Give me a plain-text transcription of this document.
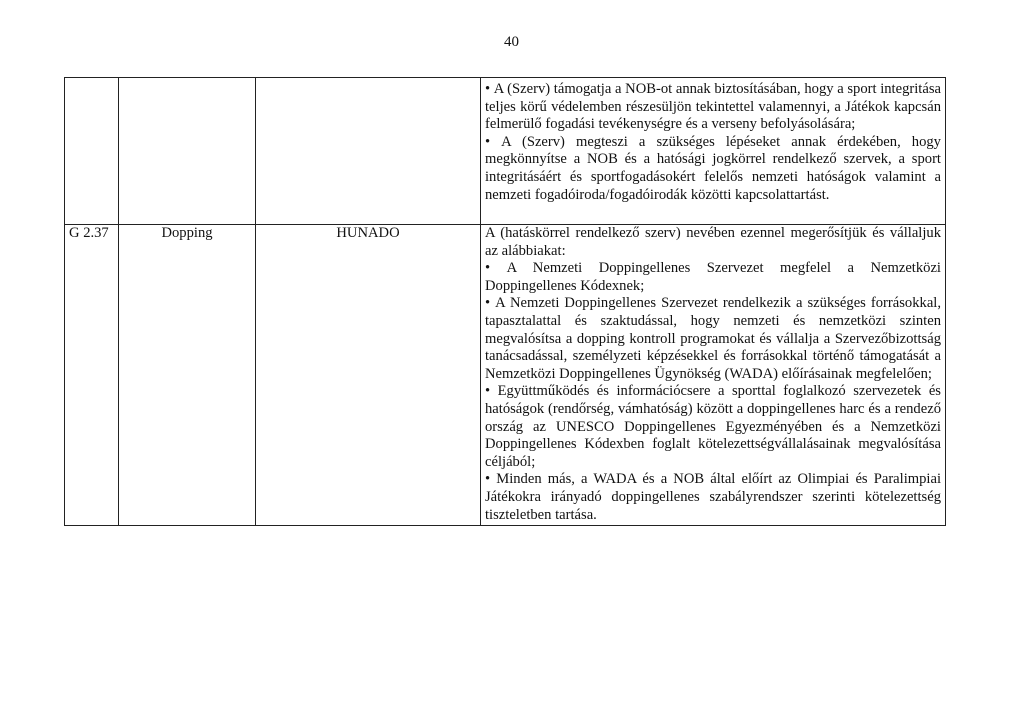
40

			• A (Szerv) támogatja a NOB-ot annak biztosításában, hogy a sport integritása teljes körű védelemben részesüljön tekintettel valamennyi, a Játékok kapcsán felmerülő fogadási tevékenységre és a verseny befolyásolására;

• A (Szerv) megteszi a szükséges lépéseket annak érdekében, hogy megkönnyítse a NOB és a hatósági jogkörrel rendelkező szervek, a sport integritásáért és sportfogadásokért felelős nemzeti hatóságok valamint a nemzeti fogadóiroda/fogadóirodák közötti kapcsolattartást.

G 2.37	Dopping	HUNADO	A (hatáskörrel rendelkező szerv) nevében ezennel megerősítjük és vállaljuk az alábbiakat:

• A Nemzeti Doppingellenes Szervezet megfelel a Nemzetközi Doppingellenes Kódexnek;

• A Nemzeti Doppingellenes Szervezet rendelkezik a szükséges forrásokkal, tapasztalattal és szaktudással, hogy nemzeti és nemzetközi szinten megvalósítsa a dopping kontroll programokat és vállalja a Szervezőbizottság tanácsadással, személyzeti képzésekkel és forrásokkal történő támogatását a Nemzetközi Doppingellenes Ügynökség (WADA) előírásainak megfelelően;

• Együttműködés és információcsere a sporttal foglalkozó szervezetek és hatóságok (rendőrség, vámhatóság) között a doppingellenes harc és a rendező ország az UNESCO Doppingellenes Egyezményében és a Nemzetközi Doppingellenes Kódexben foglalt kötelezettségvállalásainak megvalósítása céljából;

• Minden más, a WADA és a NOB által előírt az Olimpiai és Paralimpiai Játékokra irányadó doppingellenes szabályrendszer szerinti kötelezettség tiszteletben tartása.
